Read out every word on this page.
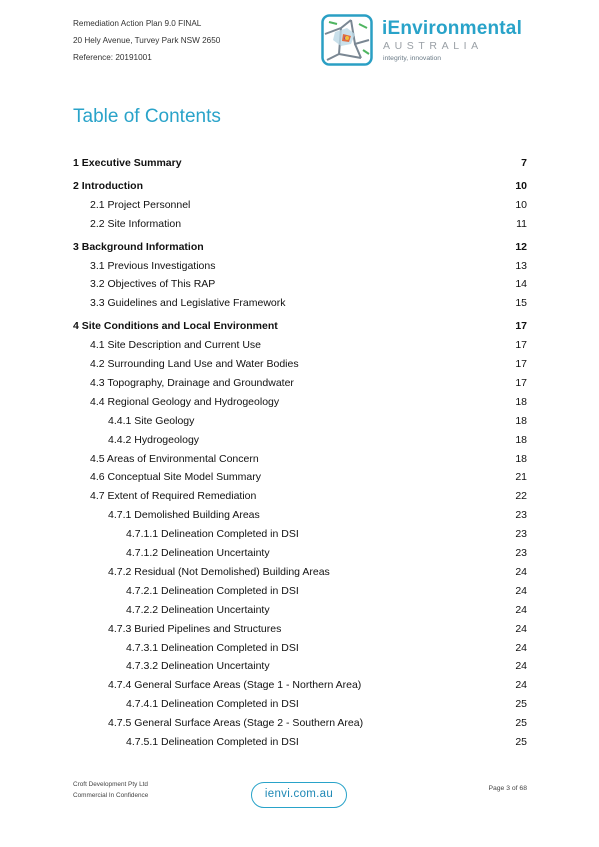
Remediation Action Plan 9.0 FINAL
20 Hely Avenue, Turvey Park NSW 2650
Reference: 20191001
iEnvironmental
AUSTRALIA
integrity, innovation
Table of Contents
1 Executive Summary	7
2 Introduction	10
2.1 Project Personnel	10
2.2 Site Information	11
3 Background Information	12
3.1 Previous Investigations	13
3.2 Objectives of This RAP	14
3.3 Guidelines and Legislative Framework	15
4 Site Conditions and Local Environment	17
4.1 Site Description and Current Use	17
4.2 Surrounding Land Use and Water Bodies	17
4.3 Topography, Drainage and Groundwater	17
4.4 Regional Geology and Hydrogeology	18
4.4.1 Site Geology	18
4.4.2 Hydrogeology	18
4.5 Areas of Environmental Concern	18
4.6 Conceptual Site Model Summary	21
4.7 Extent of Required Remediation	22
4.7.1 Demolished Building Areas	23
4.7.1.1 Delineation Completed in DSI	23
4.7.1.2 Delineation Uncertainty	23
4.7.2 Residual (Not Demolished) Building Areas	24
4.7.2.1 Delineation Completed in DSI	24
4.7.2.2 Delineation Uncertainty	24
4.7.3 Buried Pipelines and Structures	24
4.7.3.1 Delineation Completed in DSI	24
4.7.3.2 Delineation Uncertainty	24
4.7.4 General Surface Areas (Stage 1 - Northern Area)	24
4.7.4.1 Delineation Completed in DSI	25
4.7.5 General Surface Areas (Stage 2 - Southern Area)	25
4.7.5.1 Delineation Completed in DSI	25
Croft Development Pty Ltd
Commercial In Confidence	ienvi.com.au	Page 3 of 68
